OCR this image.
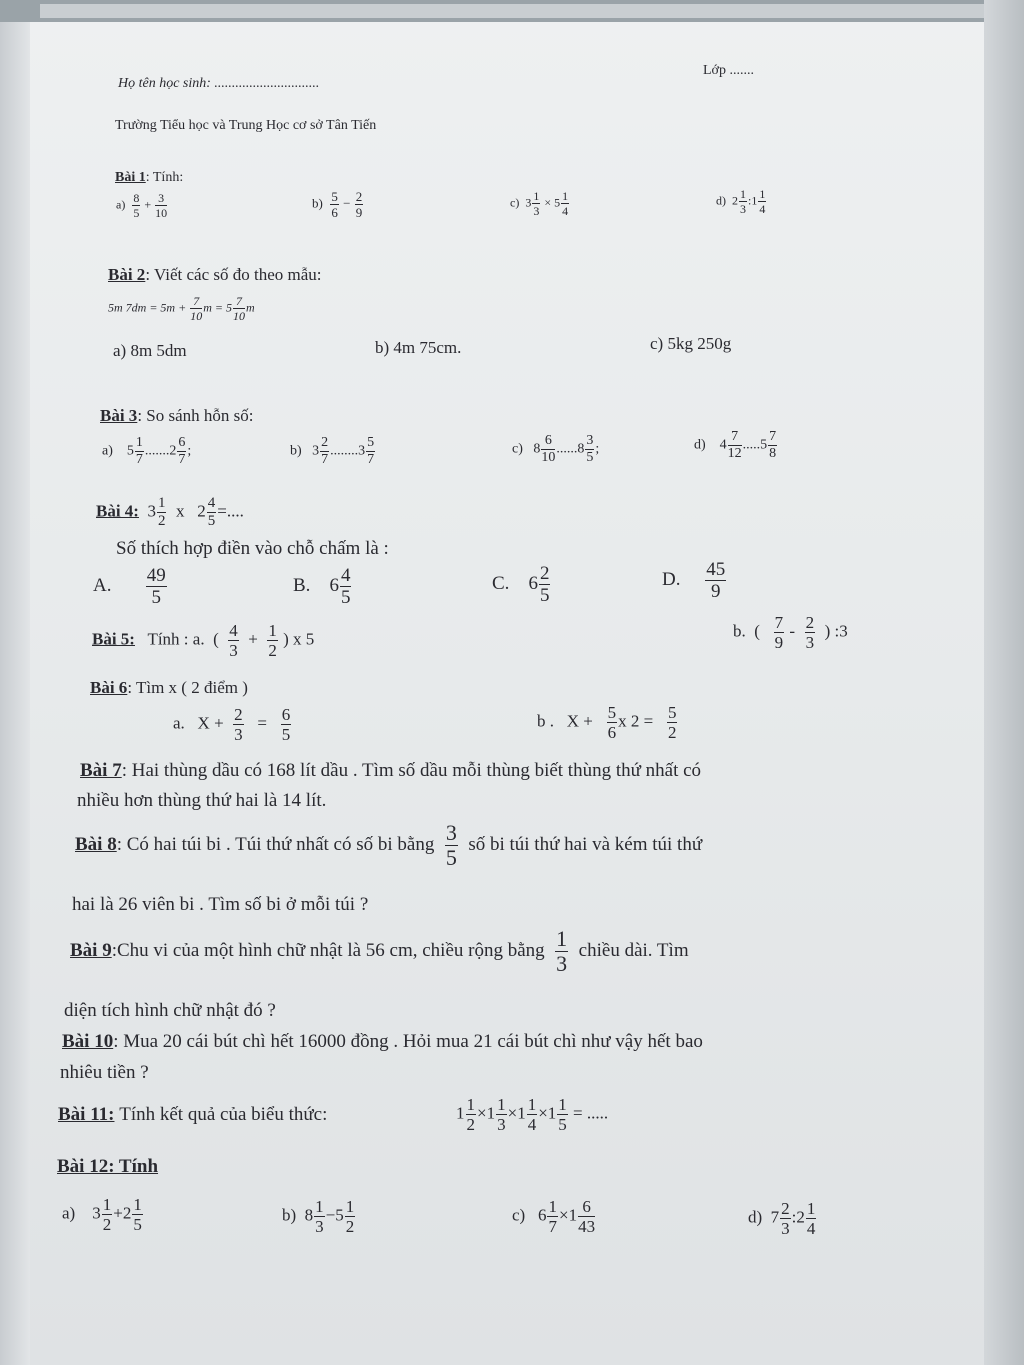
Họ tên học sinh: ..............................
Lớp .......
Trường Tiểu học và Trung Học cơ sở Tân Tiến
Bài 1: Tính:
$a) \frac{8}{5} + \frac{3}{10}$	$b) \frac{5}{6} - \frac{2}{9}$	c) $3 \frac{1}{3} \times 5 \frac{1}{4}$	d) $2 \frac{1}{3}$ :1 $\frac{1}{4}$
Bài 2: Viết các số đo theo mẫu:
5m $7dm = 5m + \frac{7}{10}$ $m = 5 \frac{7}{10}$ m
a) 8m 5dm	b) 4m 75cm.	c) 5kg 250g
Bài 3: So sánh hỗn số:
a) $5 \frac{1}{7} .......2 \frac{6}{7}$ ;	b) $3 \frac{2}{7} ........3 \frac{5}{7}$	c) $8 \frac{6}{10} ......8 \frac{3}{5}$ ;	d) $4 \frac{7}{12} .....5 \frac{7}{8}$
Bài 4: $3 \frac{1}{2}$ x $2 \frac{4}{5}$ =....
Số thích hợp điền vào chỗ chấm là :
A. $\frac{49}{5}$	B. $6 \frac{4}{5}$	C. $6 \frac{2}{5}$	D. $\frac{45}{9}$
Bài 5: Tính : a. ( $\frac{4}{3} + \frac{1}{2}$ ) x 5	b. ( $\frac{7}{9} - \frac{2}{3}$ ) :3
Bài 6: Tìm x ( 2 điểm )
a. $X + \frac{2}{3} = \frac{6}{5}$	b . $X + \frac{5}{6}$ x $2 = \frac{5}{2}$
Bài 7: Hai thùng dầu có 168 lít dầu . Tìm số dầu mỗi thùng biết thùng thứ nhất có
nhiều hơn thùng thứ hai là 14 lít.
Bài 8: Có hai túi bi . Túi thứ nhất có số bi bằng $\frac{3}{5}$ số bi túi thứ hai và kém túi thứ
hai là 26 viên bi . Tìm số bi ở mỗi túi ?
Bài 9:Chu vi của một hình chữ nhật là 56 cm, chiều rộng bằng $\frac{1}{3}$ chiều dài. Tìm
diện tích hình chữ nhật đó ?
Bài 10: Mua 20 cái bút chì hết 16000 đồng . Hỏi mua 21 cái bút chì như vậy hết bao
nhiêu tiền ?
Bài 11: Tính kết quả của biểu thức:	$1 \frac{1}{2} \times 1 \frac{1}{3} \times 1 \frac{1}{4} \times 1 \frac{1}{5}$ = .....
Bài 12: Tính
a) $3 \frac{1}{2} +2 \frac{1}{5}$	b) $8 \frac{1}{3} -5 \frac{1}{2}$	c) $6 \frac{1}{7} \times 1 \frac{6}{43}$	d) $7 \frac{2}{3}$ :2 $\frac{1}{4}$
